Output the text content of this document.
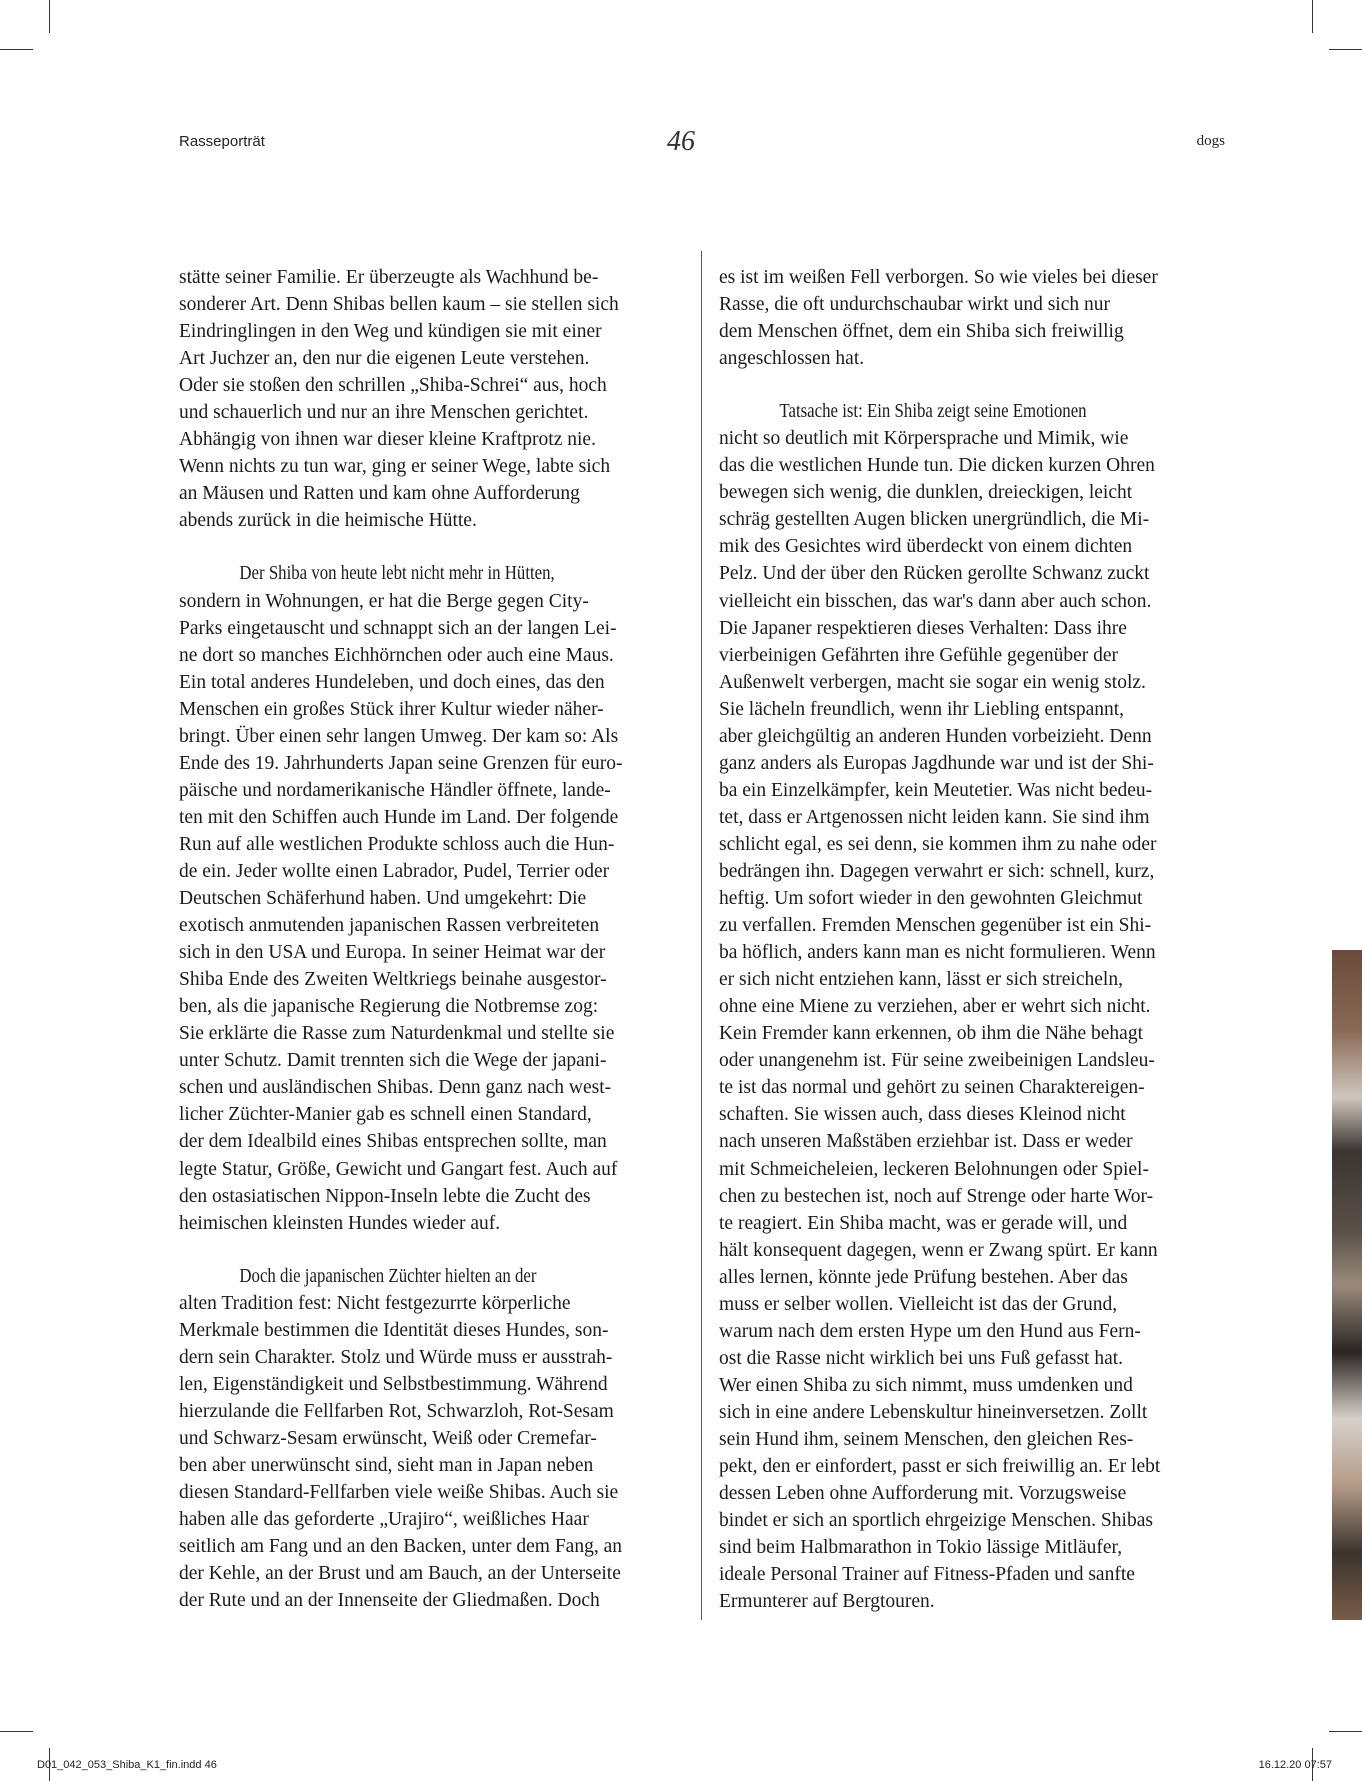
Rasseporträt	46	dogs

stätte seiner Familie. Er überzeugte als Wachhund be-
sonderer Art. Denn Shibas bellen kaum – sie stellen sich
Eindringlingen in den Weg und kündigen sie mit einer
Art Juchzer an, den nur die eigenen Leute verstehen.
Oder sie stoßen den schrillen „Shiba-Schrei“ aus, hoch
und schauerlich und nur an ihre Menschen gerichtet.
Abhängig von ihnen war dieser kleine Kraftprotz nie.
Wenn nichts zu tun war, ging er seiner Wege, labte sich
an Mäusen und Ratten und kam ohne Aufforderung
abends zurück in die heimische Hütte.

Der Shiba von heute lebt nicht mehr in Hütten,
sondern in Wohnungen, er hat die Berge gegen City-
Parks eingetauscht und schnappt sich an der langen Lei-
ne dort so manches Eichhörnchen oder auch eine Maus.
Ein total anderes Hundeleben, und doch eines, das den
Menschen ein großes Stück ihrer Kultur wieder näher-
bringt. Über einen sehr langen Umweg. Der kam so: Als
Ende des 19. Jahrhunderts Japan seine Grenzen für euro-
päische und nordamerikanische Händler öffnete, lande-
ten mit den Schiffen auch Hunde im Land. Der folgende
Run auf alle westlichen Produkte schloss auch die Hun-
de ein. Jeder wollte einen Labrador, Pudel, Terrier oder
Deutschen Schäferhund haben. Und umgekehrt: Die
exotisch anmutenden japanischen Rassen verbreiteten
sich in den USA und Europa. In seiner Heimat war der
Shiba Ende des Zweiten Weltkriegs beinahe ausgestor-
ben, als die japanische Regierung die Notbremse zog:
Sie erklärte die Rasse zum Naturdenkmal und stellte sie
unter Schutz. Damit trennten sich die Wege der japani-
schen und ausländischen Shibas. Denn ganz nach west-
licher Züchter-Manier gab es schnell einen Standard,
der dem Idealbild eines Shibas entsprechen sollte, man
legte Statur, Größe, Gewicht und Gangart fest. Auch auf
den ostasiatischen Nippon-Inseln lebte die Zucht des
heimischen kleinsten Hundes wieder auf.

Doch die japanischen Züchter hielten an der
alten Tradition fest: Nicht festgezurrte körperliche
Merkmale bestimmen die Identität dieses Hundes, son-
dern sein Charakter. Stolz und Würde muss er ausstrah-
len, Eigenständigkeit und Selbstbestimmung. Während
hierzulande die Fellfarben Rot, Schwarzloh, Rot-Sesam
und Schwarz-Sesam erwünscht, Weiß oder Cremefar-
ben aber unerwünscht sind, sieht man in Japan neben
diesen Standard-Fellfarben viele weiße Shibas. Auch sie
haben alle das geforderte „Urajiro“, weißliches Haar
seitlich am Fang und an den Backen, unter dem Fang, an
der Kehle, an der Brust und am Bauch, an der Unterseite
der Rute und an der Innenseite der Gliedmaßen. Doch

es ist im weißen Fell verborgen. So wie vieles bei dieser
Rasse, die oft undurchschaubar wirkt und sich nur
dem Menschen öffnet, dem ein Shiba sich freiwillig
angeschlossen hat.

Tatsache ist: Ein Shiba zeigt seine Emotionen
nicht so deutlich mit Körpersprache und Mimik, wie
das die westlichen Hunde tun. Die dicken kurzen Ohren
bewegen sich wenig, die dunklen, dreieckigen, leicht
schräg gestellten Augen blicken unergründlich, die Mi-
mik des Gesichtes wird überdeckt von einem dichten
Pelz. Und der über den Rücken gerollte Schwanz zuckt
vielleicht ein bisschen, das war's dann aber auch schon.
Die Japaner respektieren dieses Verhalten: Dass ihre
vierbeinigen Gefährten ihre Gefühle gegenüber der
Außenwelt verbergen, macht sie sogar ein wenig stolz.
Sie lächeln freundlich, wenn ihr Liebling entspannt,
aber gleichgültig an anderen Hunden vorbeizieht. Denn
ganz anders als Europas Jagdhunde war und ist der Shi-
ba ein Einzelkämpfer, kein Meutetier. Was nicht bedeu-
tet, dass er Artgenossen nicht leiden kann. Sie sind ihm
schlicht egal, es sei denn, sie kommen ihm zu nahe oder
bedrängen ihn. Dagegen verwahrt er sich: schnell, kurz,
heftig. Um sofort wieder in den gewohnten Gleichmut
zu verfallen. Fremden Menschen gegenüber ist ein Shi-
ba höflich, anders kann man es nicht formulieren. Wenn
er sich nicht entziehen kann, lässt er sich streicheln,
ohne eine Miene zu verziehen, aber er wehrt sich nicht.
Kein Fremder kann erkennen, ob ihm die Nähe behagt
oder unangenehm ist. Für seine zweibeinigen Landsleu-
te ist das normal und gehört zu seinen Charaktereigen-
schaften. Sie wissen auch, dass dieses Kleinod nicht
nach unseren Maßstäben erziehbar ist. Dass er weder
mit Schmeicheleien, leckeren Belohnungen oder Spiel-
chen zu bestechen ist, noch auf Strenge oder harte Wor-
te reagiert. Ein Shiba macht, was er gerade will, und
hält konsequent dagegen, wenn er Zwang spürt. Er kann
alles lernen, könnte jede Prüfung bestehen. Aber das
muss er selber wollen. Vielleicht ist das der Grund,
warum nach dem ersten Hype um den Hund aus Fern-
ost die Rasse nicht wirklich bei uns Fuß gefasst hat.
Wer einen Shiba zu sich nimmt, muss umdenken und
sich in eine andere Lebenskultur hineinversetzen. Zollt
sein Hund ihm, seinem Menschen, den gleichen Res-
pekt, den er einfordert, passt er sich freiwillig an. Er lebt
dessen Leben ohne Aufforderung mit. Vorzugsweise
bindet er sich an sportlich ehrgeizige Menschen. Shibas
sind beim Halbmarathon in Tokio lässige Mitläufer,
ideale Personal Trainer auf Fitness-Pfaden und sanfte
Ermunterer auf Bergtouren.

D01_042_053_Shiba_K1_fin.indd 46	16.12.20 07:57
